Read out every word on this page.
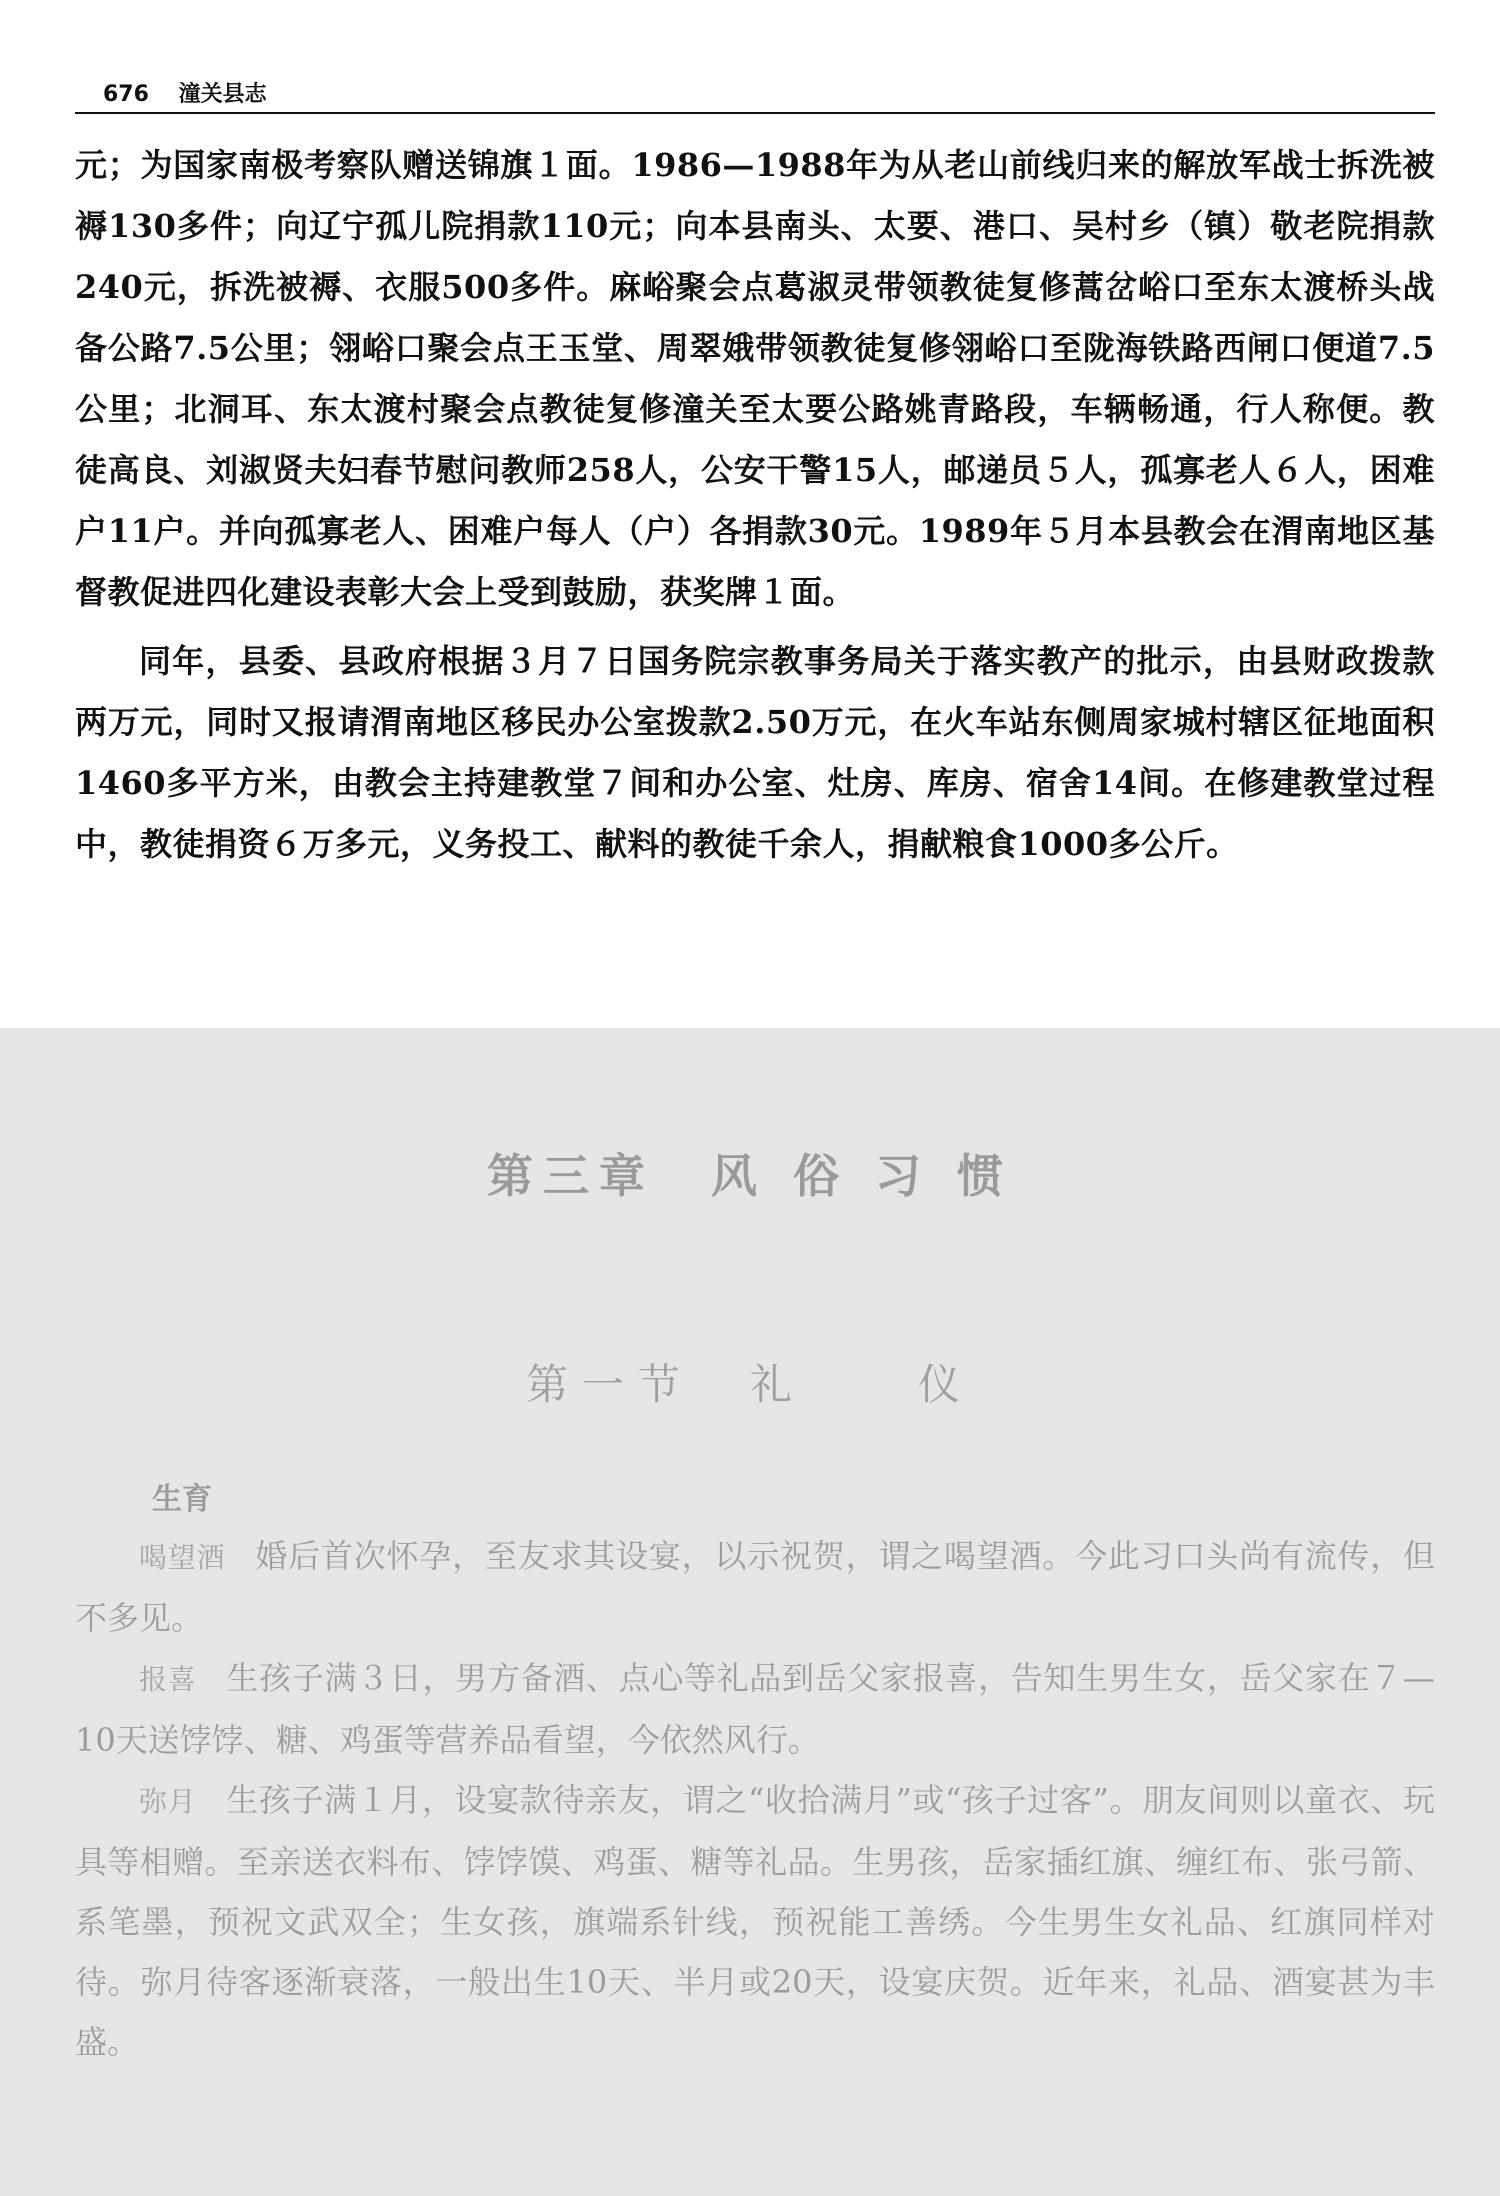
676 潼关县志

元；为国家南极考察队赠送锦旗１面。1986—1988年为从老山前线归来的解放军战士拆洗被褥130多件；向辽宁孤儿院捐款110元；向本县南头、太要、港口、吴村乡（镇）敬老院捐款240元，拆洗被褥、衣服500多件。麻峪聚会点葛淑灵带领教徒复修蒿岔峪口至东太渡桥头战备公路7.5公里；翎峪口聚会点王玉堂、周翠娥带领教徒复修翎峪口至陇海铁路西闸口便道7.5公里；北洞耳、东太渡村聚会点教徒复修潼关至太要公路姚青路段，车辆畅通，行人称便。教徒高良、刘淑贤夫妇春节慰问教师258人，公安干警15人，邮递员５人，孤寡老人６人，困难户11户。并向孤寡老人、困难户每人（户）各捐款30元。1989年５月本县教会在渭南地区基督教促进四化建设表彰大会上受到鼓励，获奖牌１面。

同年，县委、县政府根据３月７日国务院宗教事务局关于落实教产的批示，由县财政拨款两万元，同时又报请渭南地区移民办公室拨款2.50万元，在火车站东侧周家城村辖区征地面积1460多平方米，由教会主持建教堂７间和办公室、灶房、库房、宿舍14间。在修建教堂过程中，教徒捐资６万多元，义务投工、献料的教徒千余人，捐献粮食1000多公斤。

第三章　风 俗 习 惯
第一节　礼　　仪
生育

喝望酒 婚后首次怀孕，至友求其设宴，以示祝贺，谓之喝望酒。今此习口头尚有流传，但不多见。

报喜 生孩子满３日，男方备酒、点心等礼品到岳父家报喜，告知生男生女，岳父家在７—10天送饽饽、糖、鸡蛋等营养品看望，今依然风行。

弥月 生孩子满１月，设宴款待亲友，谓之“收拾满月”或“孩子过客”。朋友间则以童衣、玩具等相赠。至亲送衣料布、饽饽馍、鸡蛋、糖等礼品。生男孩，岳家插红旗、缠红布、张弓箭、系笔墨，预祝文武双全；生女孩，旗端系针线，预祝能工善绣。今生男生女礼品、红旗同样对待。弥月待客逐渐衰落，一般出生10天、半月或20天，设宴庆贺。近年来，礼品、酒宴甚为丰盛。
